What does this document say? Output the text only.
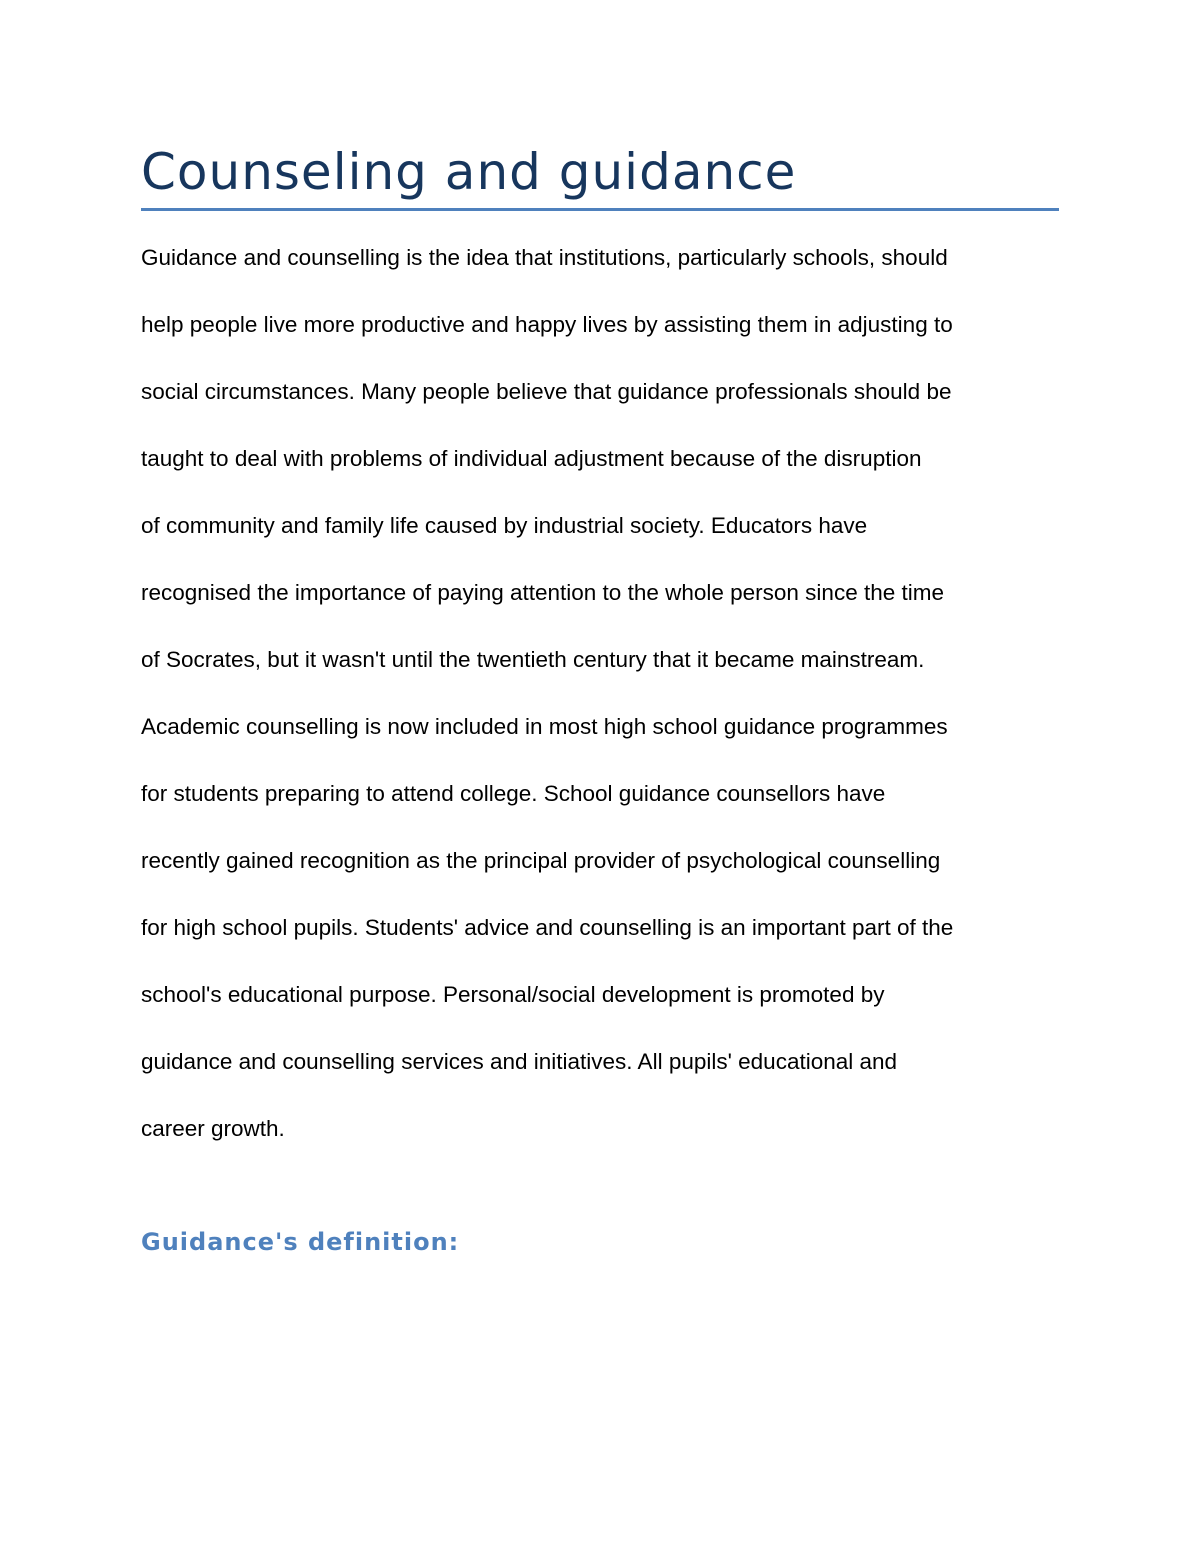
Counseling and guidance
Guidance and counselling is the idea that institutions, particularly schools, should
help people live more productive and happy lives by assisting them in adjusting to
social circumstances. Many people believe that guidance professionals should be
taught to deal with problems of individual adjustment because of the disruption
of community and family life caused by industrial society. Educators have
recognised the importance of paying attention to the whole person since the time
of Socrates, but it wasn't until the twentieth century that it became mainstream.
Academic counselling is now included in most high school guidance programmes
for students preparing to attend college. School guidance counsellors have
recently gained recognition as the principal provider of psychological counselling
for high school pupils. Students' advice and counselling is an important part of the
school's educational purpose. Personal/social development is promoted by
guidance and counselling services and initiatives. All pupils' educational and
career growth.
Guidance's definition:
